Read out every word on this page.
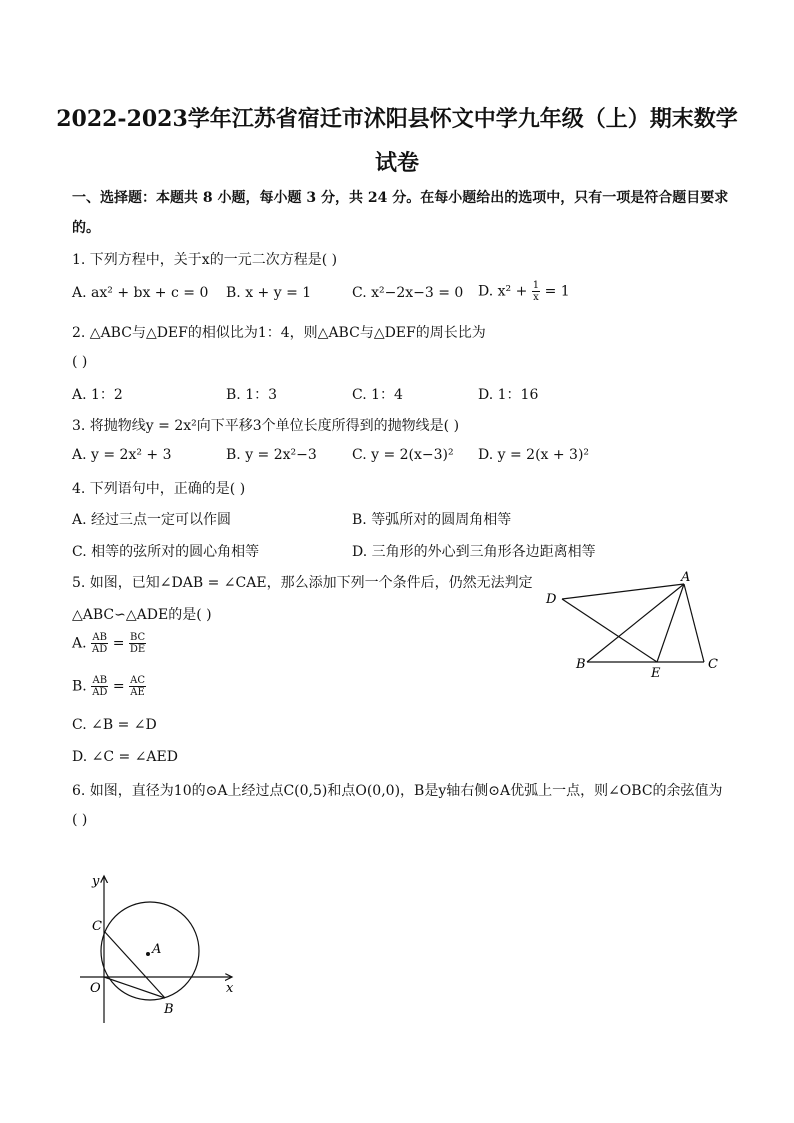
2022-2023学年江苏省宿迁市沭阳县怀文中学九年级（上）期末数学
试卷
一、选择题：本题共 8 小题，每小题 3 分，共 24 分。在每小题给出的选项中，只有一项是符合题目要求
的。
1. 下列方程中，关于x的一元二次方程是( )
A. ax² + bx + c = 0 B. x + y = 1	C. x²−2x−3 = 0 D. $x^2 + \frac{1}{x} = 1$
2. △ABC与△DEF的相似比为1：4，则△ABC与△DEF的周长比为
( )
A. 1：2	B. 1：3	C. 1：4	D. 1：16
3. 将抛物线y = 2x²向下平移3个单位长度所得到的抛物线是( )
A. y = 2x² + 3	B. y = 2x²−3	C. y = 2(x−3)² D. y = 2(x + 3)²
4. 下列语句中，正确的是( )
A. 经过三点一定可以作圆	B. 等弧所对的圆周角相等
C. 相等的弦所对的圆心角相等	D. 三角形的外心到三角形各边距离相等
5. 如图，已知∠DAB = ∠CAE，那么添加下列一个条件后，仍然无法判定
△ABC∽△ADE的是( )
A. $\frac{AB}{AD} = \frac{BC}{DE}$
B. $\frac{AB}{AD} = \frac{AC}{AE}$
C. ∠B = ∠D
D. ∠C = ∠AED
A
D
B
E
C
6. 如图，直径为10的⊙A上经过点C(0,5)和点O(0,0)，B是y轴右侧⊙A优弧上一点，则∠OBC的余弦值为
( )
y
x
C
A
O
B
